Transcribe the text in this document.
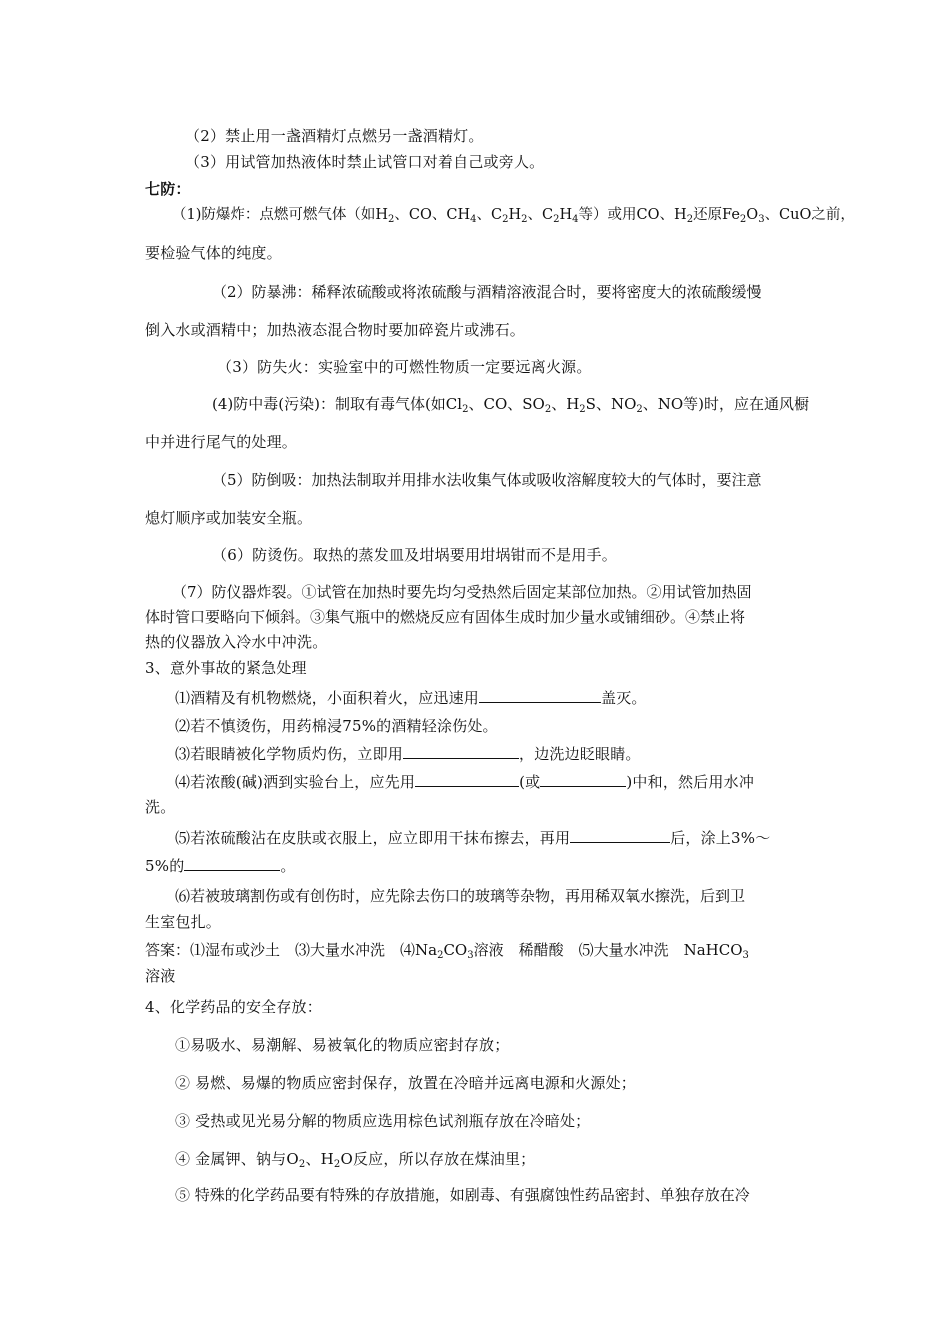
（2）禁止用一盏酒精灯点燃另一盏酒精灯。
（3）用试管加热液体时禁止试管口对着自己或旁人。
七防：
（1)防爆炸：点燃可燃气体（如$H_2$、CO、$CH_4$、$C_2H_2$、$C_2H_4$等）或用CO、$H_2$还原$Fe_2O_3$、CuO之前，
要检验气体的纯度。
（2）防暴沸：稀释浓硫酸或将浓硫酸与酒精溶液混合时，要将密度大的浓硫酸缓慢
倒入水或酒精中；加热液态混合物时要加碎瓷片或沸石。
（3）防失火：实验室中的可燃性物质一定要远离火源。
(4)防中毒(污染)：制取有毒气体(如$Cl_2$、CO、$SO_2$、$H_2S$、$NO_2$、NO等)时，应在通风橱
中并进行尾气的处理。
（5）防倒吸：加热法制取并用排水法收集气体或吸收溶解度较大的气体时，要注意
熄灯顺序或加装安全瓶。
（6）防烫伤。取热的蒸发皿及坩埚要用坩埚钳而不是用手。
（7）防仪器炸裂。①试管在加热时要先均匀受热然后固定某部位加热。②用试管加热固
体时管口要略向下倾斜。③集气瓶中的燃烧反应有固体生成时加少量水或铺细砂。④禁止将
热的仪器放入冷水中冲洗。
3、意外事故的紧急处理
⑴酒精及有机物燃烧，小面积着火，应迅速用	盖灭。
⑵若不慎烫伤，用药棉浸75%的酒精轻涂伤处。
⑶若眼睛被化学物质灼伤，立即用	，边洗边眨眼睛。
⑷若浓酸(碱)洒到实验台上，应先用	(或	)中和，然后用水冲
洗。
⑸若浓硫酸沾在皮肤或衣服上，应立即用干抹布擦去，再用	后，涂上3%～
5%的	。
⑹若被玻璃割伤或有创伤时，应先除去伤口的玻璃等杂物，再用稀双氧水擦洗，后到卫
生室包扎。
答案：⑴湿布或沙土　⑶大量水冲洗　$⑷Na_2CO_3$溶液　稀醋酸　⑸大量水冲洗　NaHCO$_3$
溶液
4、化学药品的安全存放：
①易吸水、易潮解、易被氧化的物质应密封存放；
② 易燃、易爆的物质应密封保存，放置在冷暗并远离电源和火源处；
③ 受热或见光易分解的物质应选用棕色试剂瓶存放在冷暗处；
④ 金属钾、钠与$O_2$、$H_2O$反应，所以存放在煤油里；
⑤ 特殊的化学药品要有特殊的存放措施，如剧毒、有强腐蚀性药品密封、单独存放在冷
